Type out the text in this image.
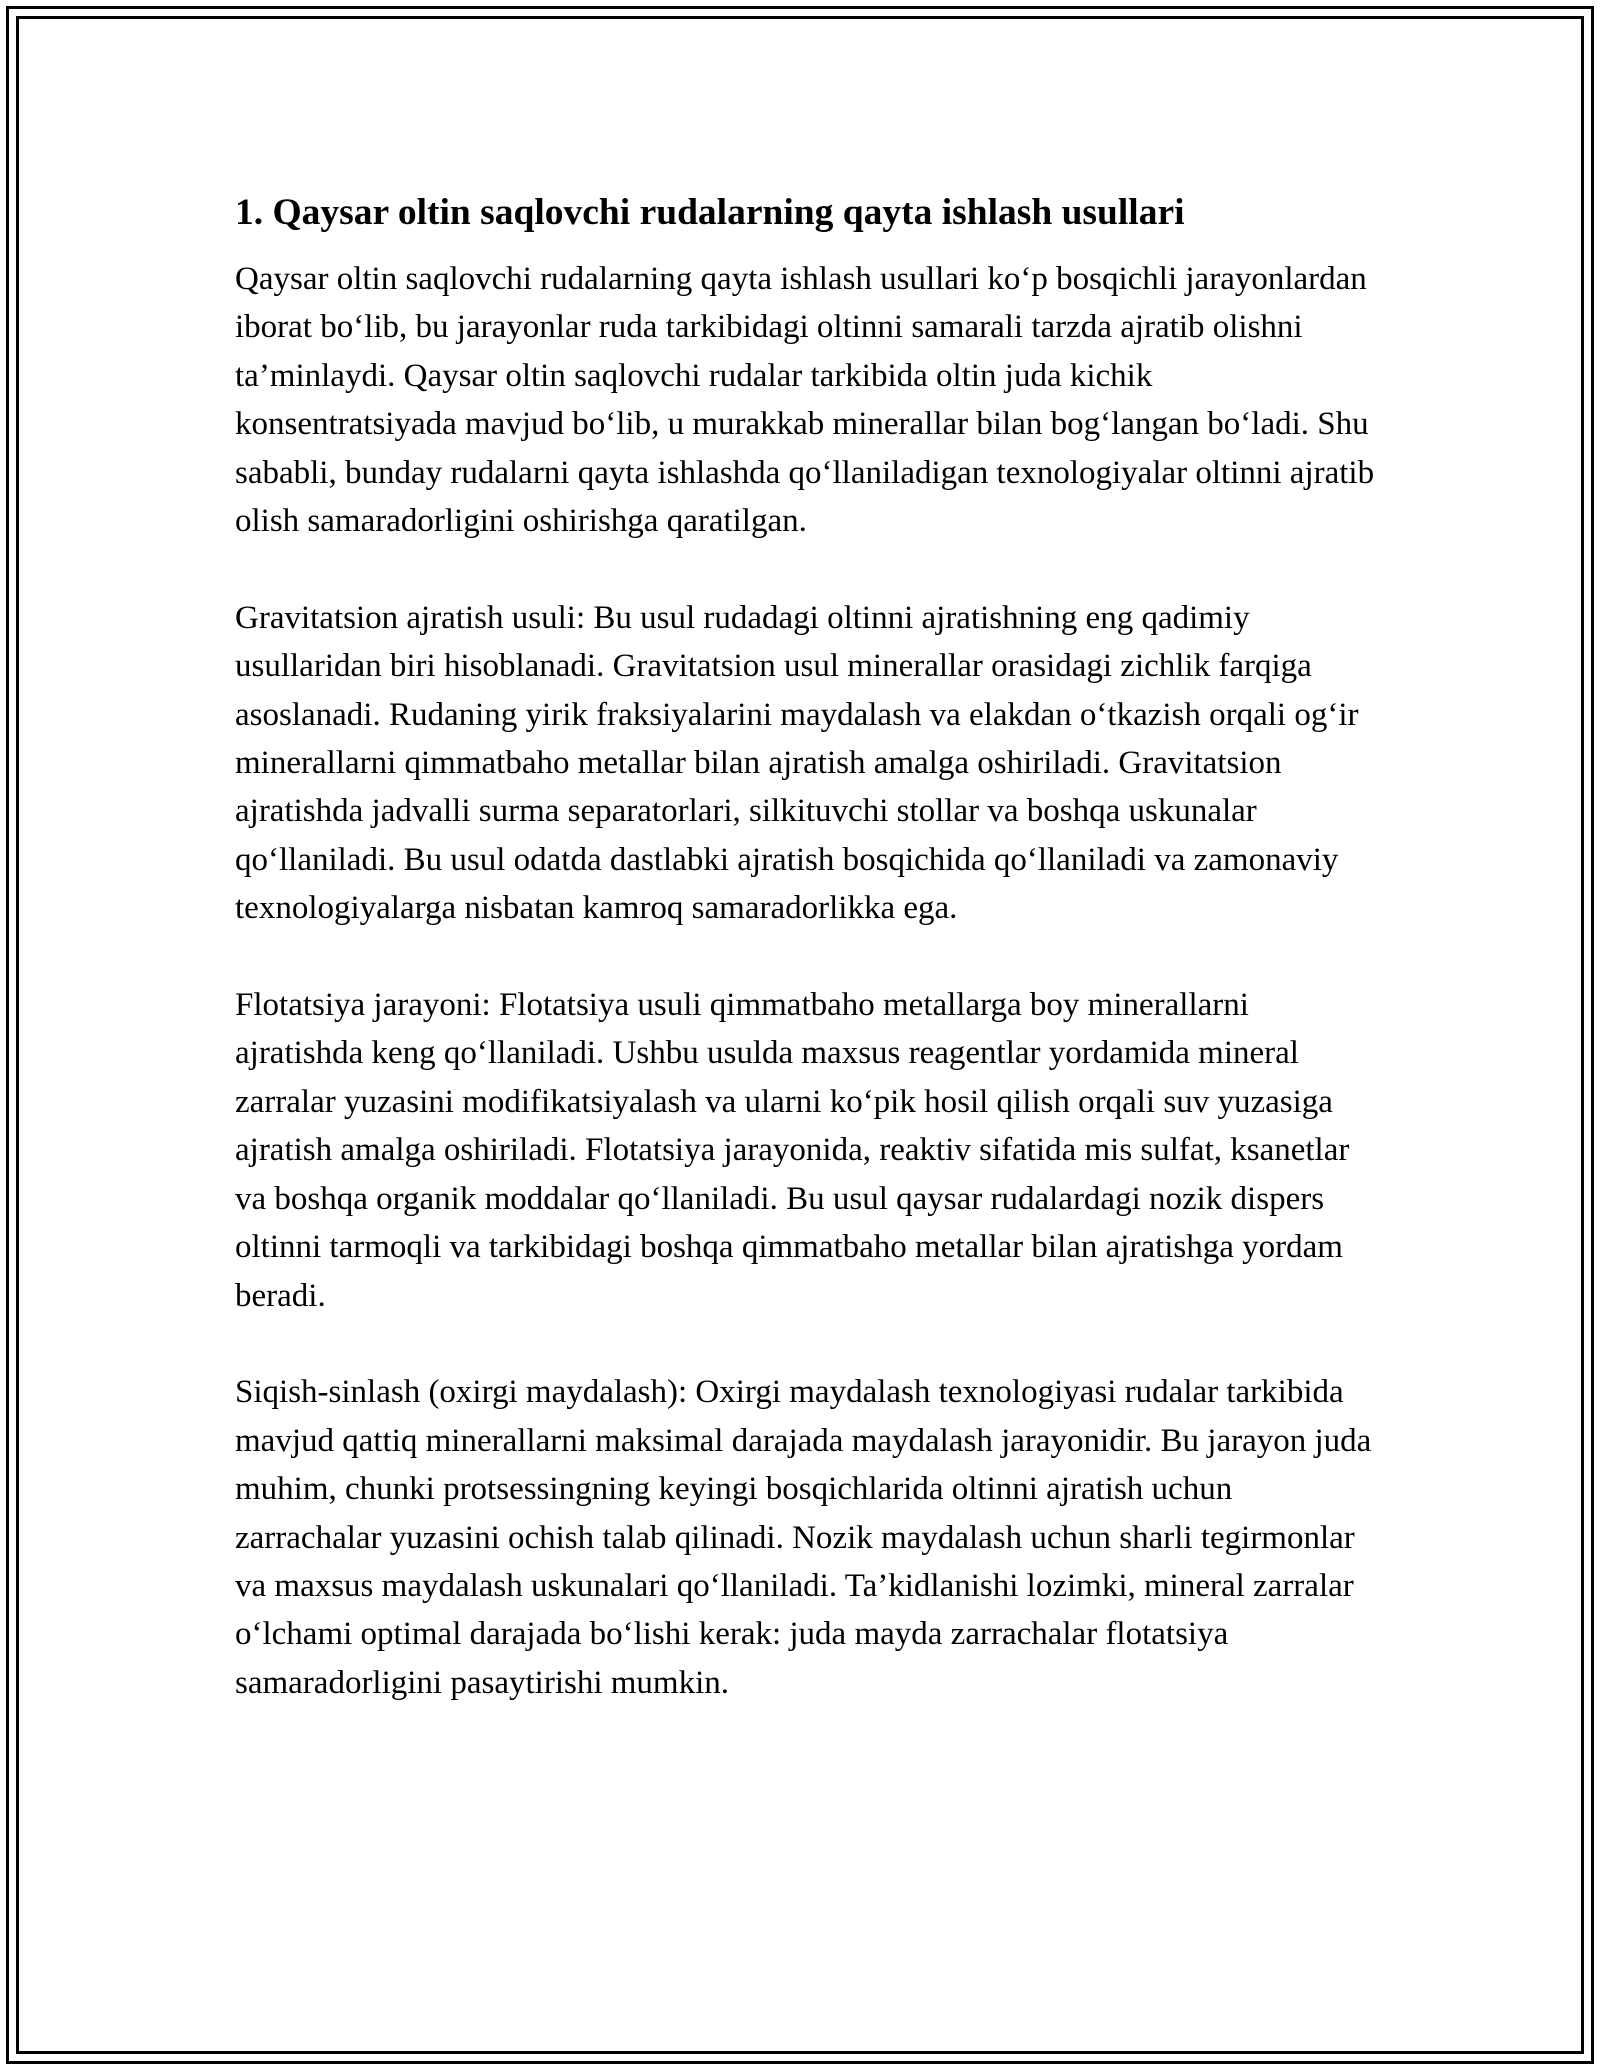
1. Qaysar oltin saqlovchi rudalarning qayta ishlash usullari

Qaysar oltin saqlovchi rudalarning qayta ishlash usullari ko‘p bosqichli jarayonlardan iborat bo‘lib, bu jarayonlar ruda tarkibidagi oltinni samarali tarzda ajratib olishni ta’minlaydi. Qaysar oltin saqlovchi rudalar tarkibida oltin juda kichik konsentratsiyada mavjud bo‘lib, u murakkab minerallar bilan bog‘langan bo‘ladi. Shu sababli, bunday rudalarni qayta ishlashda qo‘llaniladigan texnologiyalar oltinni ajratib olish samaradorligini oshirishga qaratilgan.

Gravitatsion ajratish usuli: Bu usul rudadagi oltinni ajratishning eng qadimiy usullaridan biri hisoblanadi. Gravitatsion usul minerallar orasidagi zichlik farqiga asoslanadi. Rudaning yirik fraksiyalarini maydalash va elakdan o‘tkazish orqali og‘ir minerallarni qimmatbaho metallar bilan ajratish amalga oshiriladi. Gravitatsion ajratishda jadvalli surma separatorlari, silkituvchi stollar va boshqa uskunalar qo‘llaniladi. Bu usul odatda dastlabki ajratish bosqichida qo‘llaniladi va zamonaviy texnologiyalarga nisbatan kamroq samaradorlikka ega.

Flotatsiya jarayoni: Flotatsiya usuli qimmatbaho metallarga boy minerallarni ajratishda keng qo‘llaniladi. Ushbu usulda maxsus reagentlar yordamida mineral zarralar yuzasini modifikatsiyalash va ularni ko‘pik hosil qilish orqali suv yuzasiga ajratish amalga oshiriladi. Flotatsiya jarayonida, reaktiv sifatida mis sulfat, ksanetlar va boshqa organik moddalar qo‘llaniladi. Bu usul qaysar rudalardagi nozik dispers oltinni tarmoqli va tarkibidagi boshqa qimmatbaho metallar bilan ajratishga yordam beradi.

Siqish-sinlash (oxirgi maydalash): Oxirgi maydalash texnologiyasi rudalar tarkibida mavjud qattiq minerallarni maksimal darajada maydalash jarayonidir. Bu jarayon juda muhim, chunki protsessingning keyingi bosqichlarida oltinni ajratish uchun zarrachalar yuzasini ochish talab qilinadi. Nozik maydalash uchun sharli tegirmonlar va maxsus maydalash uskunalari qo‘llaniladi. Ta’kidlanishi lozimki, mineral zarralar o‘lchami optimal darajada bo‘lishi kerak: juda mayda zarrachalar flotatsiya samaradorligini pasaytirishi mumkin.
